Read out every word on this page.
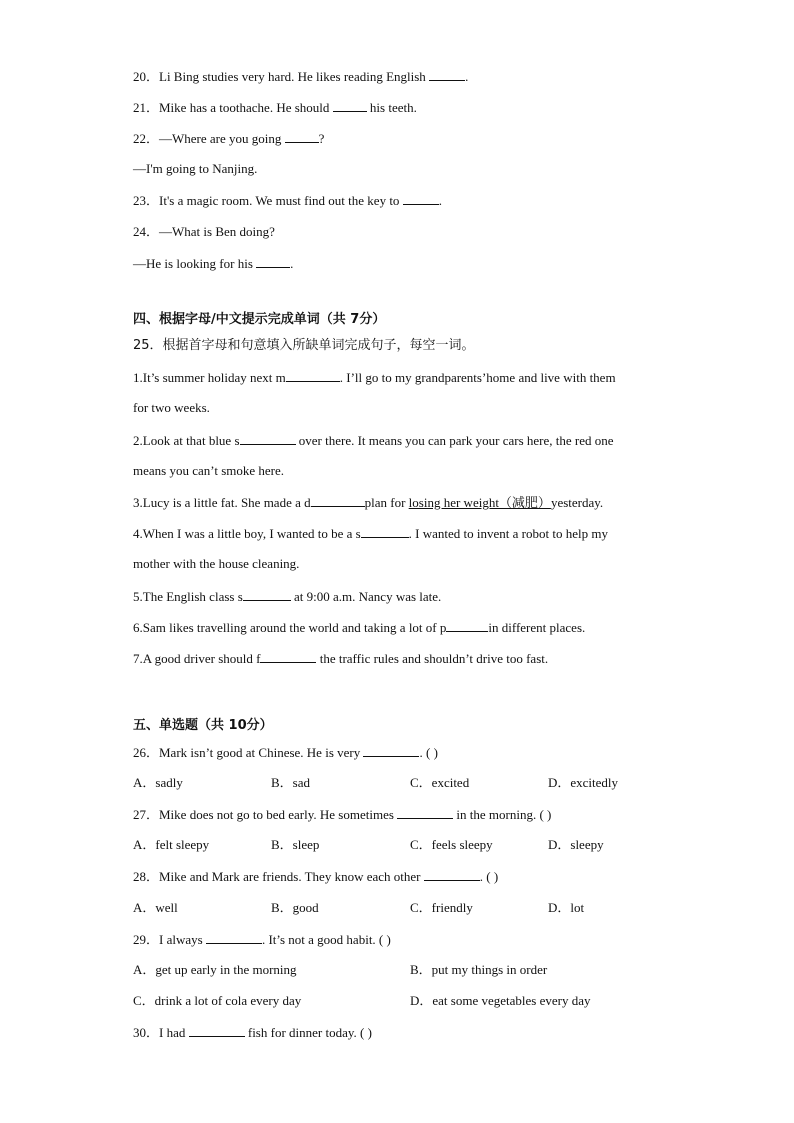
20．Li Bing studies very hard. He likes reading English	.
21．Mike has a toothache. He should	his teeth.
22．—Where are you going	?
—I'm going to Nanjing.
23．It's a magic room. We must find out the key to	.
24．—What is Ben doing?
—He is looking for his	.
四、根据字母/中文提示完成单词（共 7分）
25．根据首字母和句意填入所缺单词完成句子，每空一词。
1.It’s summer holiday next m	. I’ll go to my grandparents’home and live with them
for two weeks.
2.Look at that blue s	over there. It means you can park your cars here, the red one
means you can’t smoke here.
3.Lucy is a little fat. She made a d	plan for losing her weight（减肥）yesterday.
4.When I was a little boy, I wanted to be a s	. I wanted to invent a robot to help my
mother with the house cleaning.
5.The English class s	at 9:00 a.m. Nancy was late.
6.Sam likes travelling around the world and taking a lot of p	in different places.
7.A good driver should f	the traffic rules and shouldn’t drive too fast.
五、单选题（共 10分）
26．Mark isn’t good at Chinese. He is very	. ( )
A．sadly	B．sad	C．excited	D．excitedly
27．Mike does not go to bed early. He sometimes	in the morning. ( )
A．felt sleepy	B．sleep	C．feels sleepy	D．sleepy
28．Mike and Mark are friends. They know each other	. ( )
A．well	B．good	C．friendly	D．lot
29．I always	. It’s not a good habit. ( )
A．get up early in the morning	B．put my things in order
C．drink a lot of cola every day	D．eat some vegetables every day
30．I had	fish for dinner today. ( )
